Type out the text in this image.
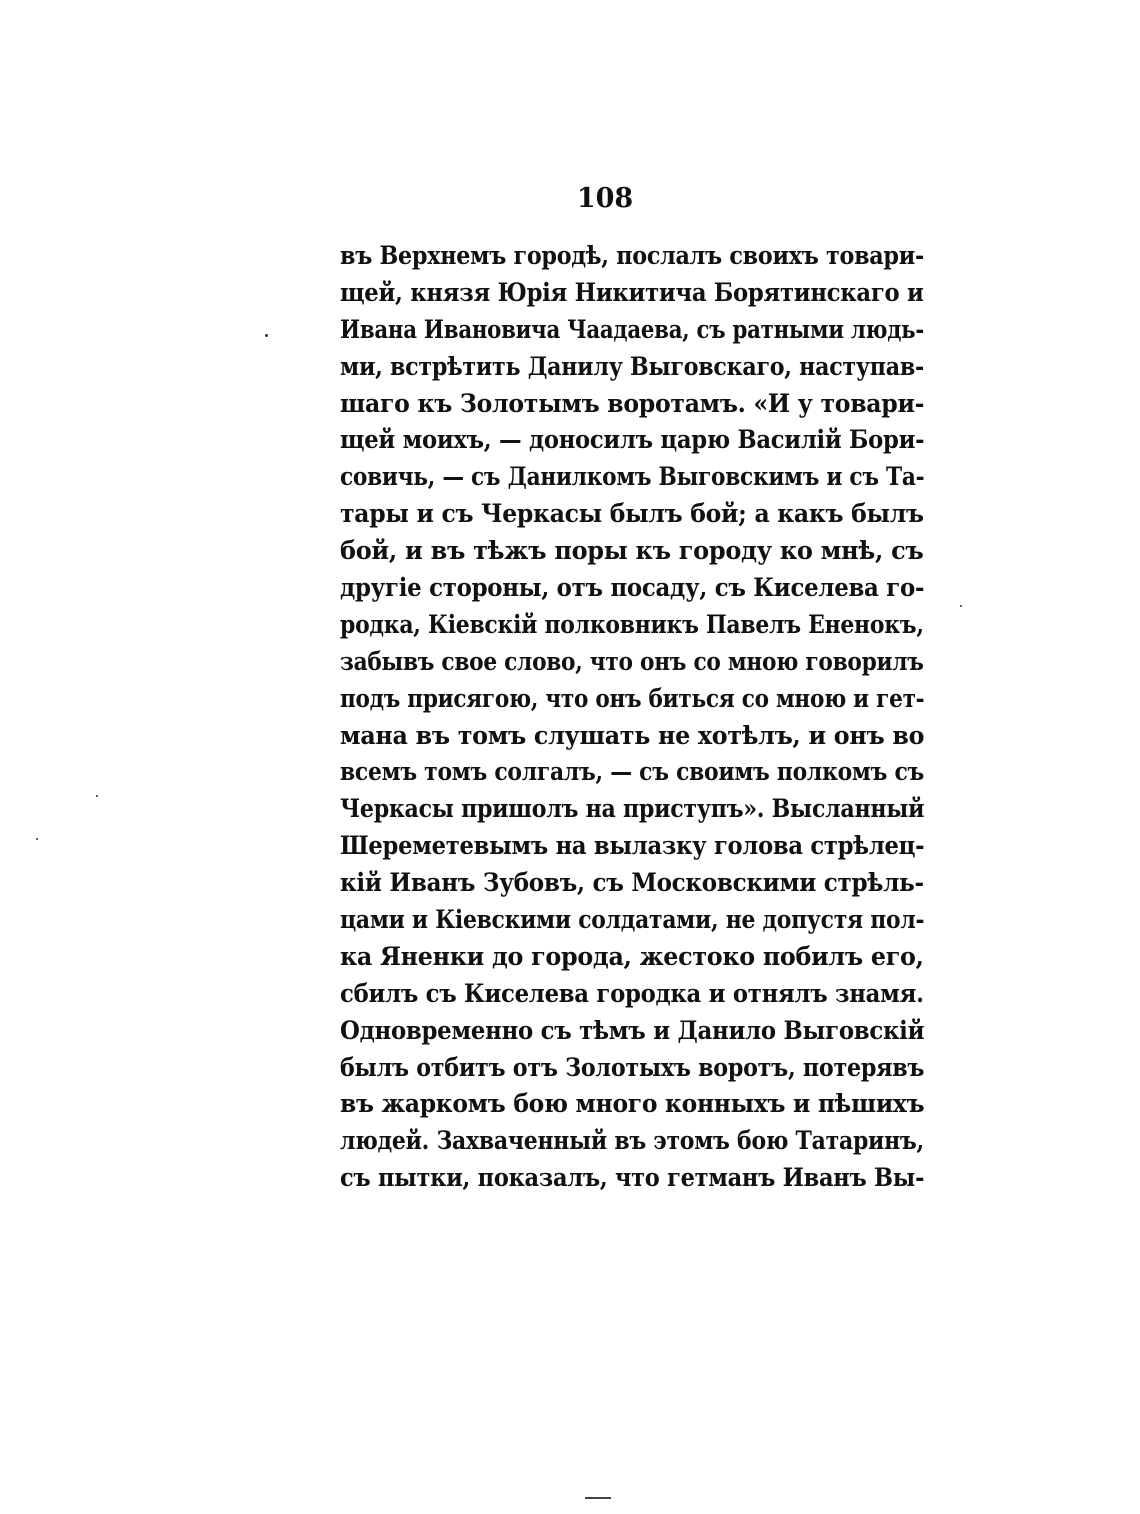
108
въ Верхнемъ городѣ, послалъ своихъ товари-
щей, князя Юрія Никитича Борятинскаго и
Ивана Ивановича Чаадаева, съ ратными людь-
ми, встрѣтить Данилу Выговскаго, наступав-
шаго къ Золотымъ воротамъ. «И у товари-
щей моихъ, — доносилъ царю Василій Бори-
совичь, — съ Данилкомъ Выговскимъ и съ Та-
тары и съ Черкасы былъ бой; а какъ былъ
бой, и въ тѣжъ поры къ городу ко мнѣ, съ
другіе стороны, отъ посаду, съ Киселева го-
родка, Кіевскій полковникъ Павелъ Ененокъ,
забывъ свое слово, что онъ со мною говорилъ
подъ присягою, что онъ биться со мною и гет-
мана въ томъ слушать не хотѣлъ, и онъ во
всемъ томъ солгалъ, — съ своимъ полкомъ съ
Черкасы пришолъ на приступъ». Высланный
Шереметевымъ на вылазку голова стрѣлец-
кій Иванъ Зубовъ, съ Московскими стрѣль-
цами и Кіевскими солдатами, не допустя пол-
ка Яненки до города, жестоко побилъ его,
сбилъ съ Киселева городка и отнялъ знамя.
Одновременно съ тѣмъ и Данило Выговскій
былъ отбитъ отъ Золотыхъ воротъ, потерявъ
въ жаркомъ бою много конныхъ и пѣшихъ
людей. Захваченный въ этомъ бою Татаринъ,
съ пытки, показалъ, что гетманъ Иванъ Вы-
